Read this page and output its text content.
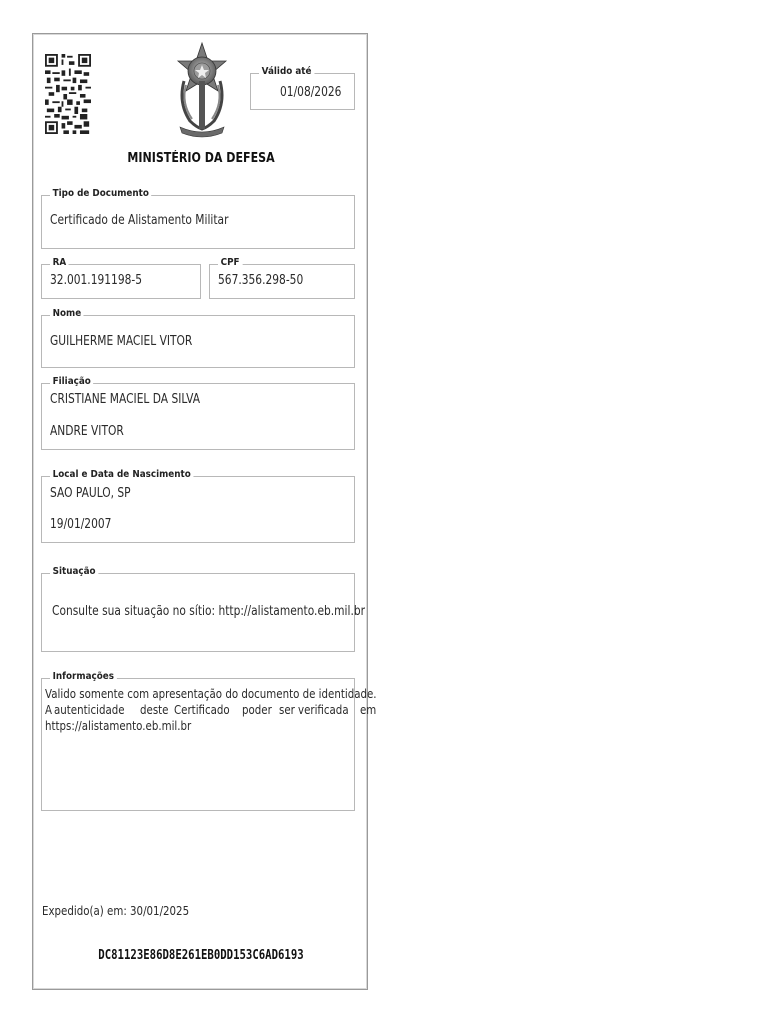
Válido até
01/08/2026
MINISTÉRIO DA DEFESA
Tipo de Documento
Certificado de Alistamento Militar
RA
32.001.191198-5
CPF
567.356.298-50
Nome
GUILHERME MACIEL VITOR
Filiação
CRISTIANE MACIEL DA SILVA
ANDRE VITOR
Local e Data de Nascimento
SAO PAULO, SP
19/01/2007
Situação
Consulte sua situação no sítio: http://alistamento.eb.mil.br
Informações
Valido somente com apresentação do documento de identidade.
A autenticidade deste Certificado poder ser verificada em
https://alistamento.eb.mil.br
Expedido(a) em: 30/01/2025
DC81123E86D8E261EB0DD153C6AD6193
